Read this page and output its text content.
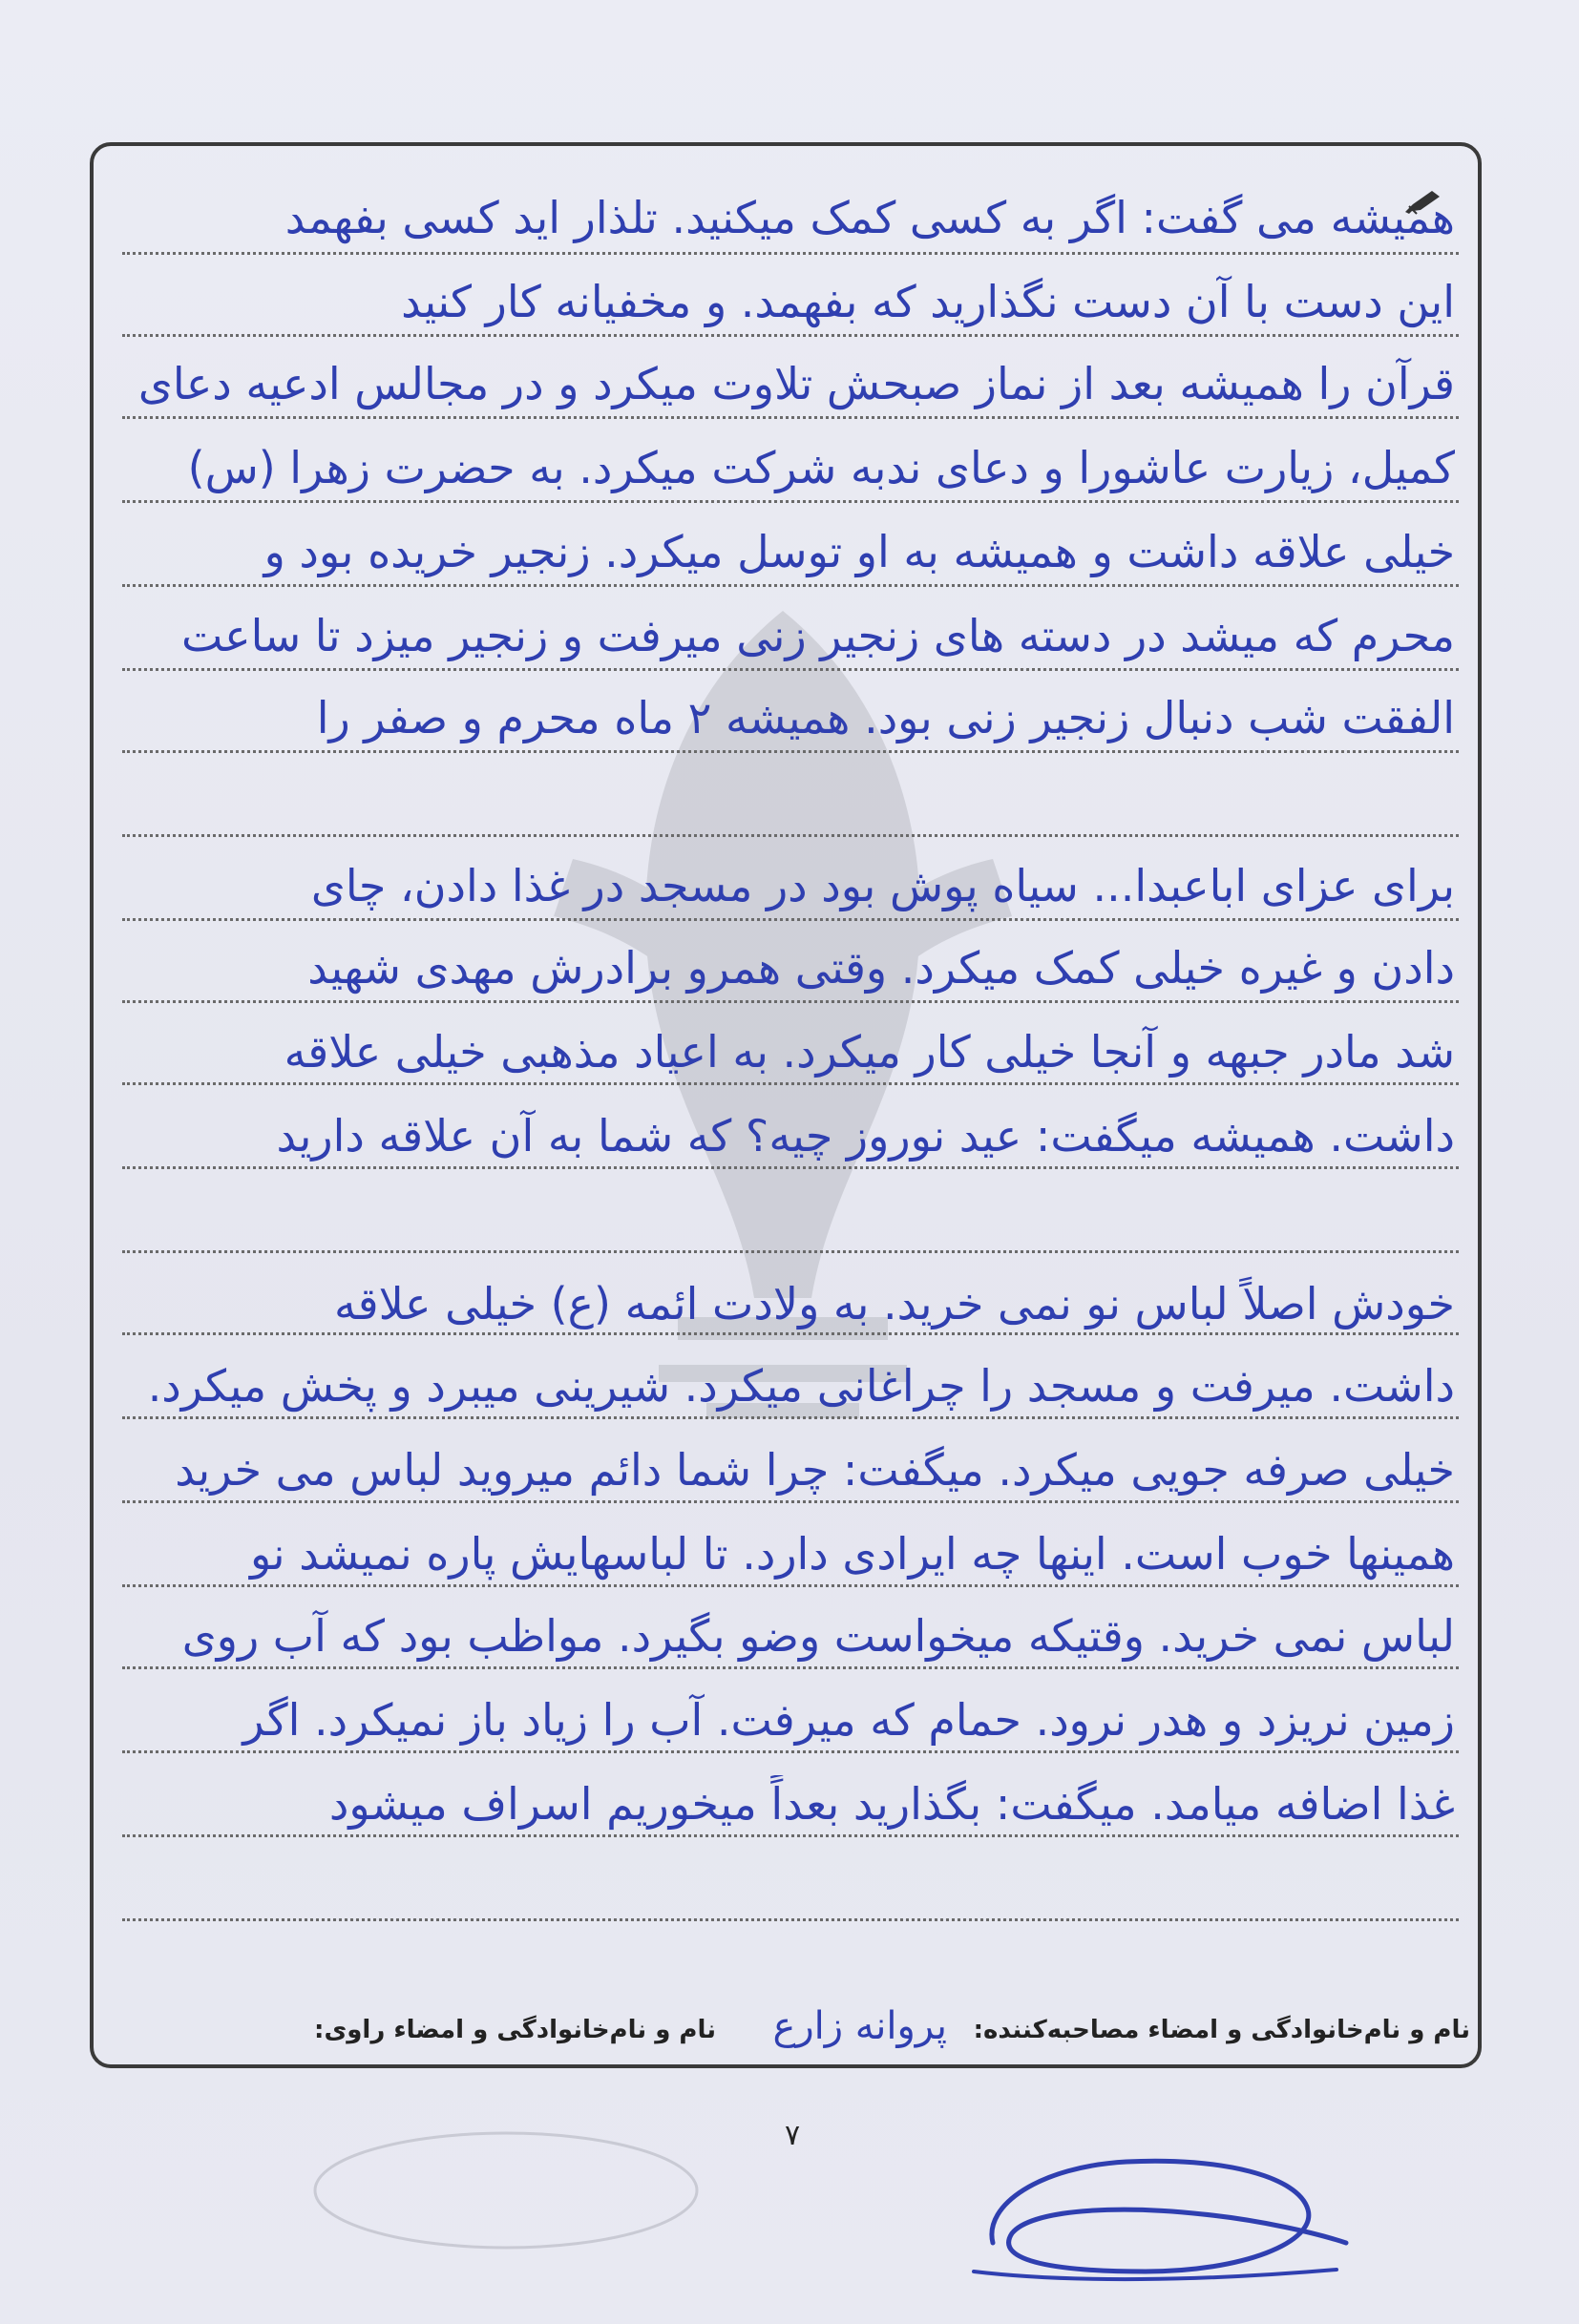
همیشه می گفت: اگر به کسی کمک میکنید. تلذار اید کسی بفهمد
این دست با آن دست نگذارید که بفهمد. و مخفیانه کار کنید
قرآن را همیشه بعد از نماز صبحش تلاوت میکرد و در مجالس ادعیه دعای
کمیل، زیارت عاشورا و دعای ندبه شرکت میکرد. به حضرت زهرا (س)
خیلی علاقه داشت و همیشه به او توسل میکرد. زنجیر خریده بود و
محرم که میشد در دسته های زنجیر زنی میرفت و زنجیر میزد تا ساعت
الفقت شب دنبال زنجیر زنی بود. همیشه ۲ ماه محرم و صفر را
برای عزای اباعبدا... سیاه پوش بود در مسجد در غذا دادن، چای
دادن و غیره خیلی کمک میکرد. وقتی همرو برادرش مهدی شهید
شد مادر جبهه و آنجا خیلی کار میکرد. به اعیاد مذهبی خیلی علاقه
داشت. همیشه میگفت: عید نوروز چیه؟ که شما به آن علاقه دارید
خودش اصلاً لباس نو نمی خرید. به ولادت ائمه (ع) خیلی علاقه
داشت. میرفت و مسجد را چراغانی میکرد. شیرینی میبرد و پخش میکرد.
خیلی صرفه جویی میکرد. میگفت: چرا شما دائم میروید لباس می خرید
همینها خوب است. اینها چه ایرادی دارد. تا لباسهایش پاره نمیشد نو
لباس نمی خرید. وقتیکه میخواست وضو بگیرد. مواظب بود که آب روی
زمین نریزد و هدر نرود. حمام که میرفت. آب را زیاد باز نمیکرد. اگر
غذا اضافه میامد. میگفت: بگذارید بعداً میخوریم اسراف میشود
نام و نام‌خانوادگی و امضاء مصاحبه‌کننده:
پروانه زارع
نام و نام‌خانوادگی و امضاء راوی:
۷
